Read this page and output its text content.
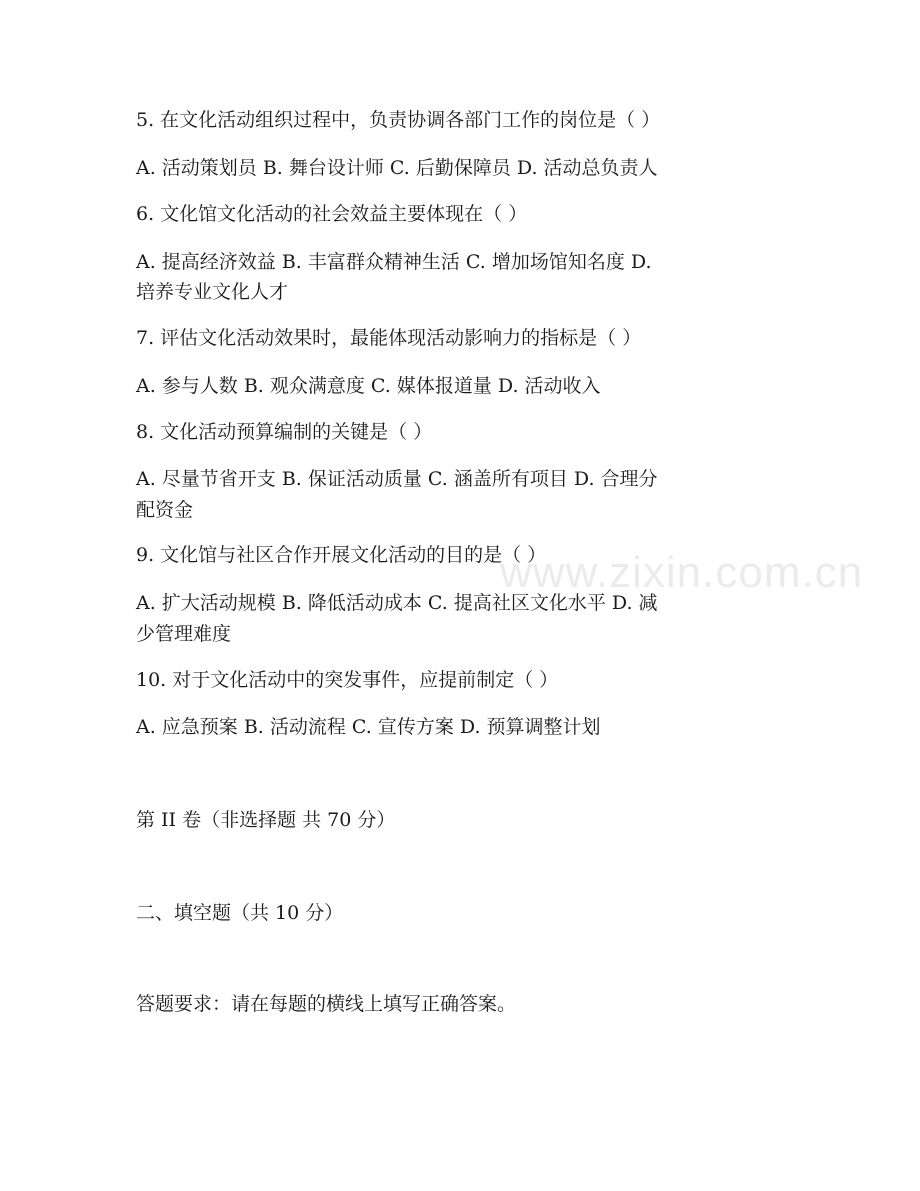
5. 在文化活动组织过程中，负责协调各部门工作的岗位是（ ）
A. 活动策划员 B. 舞台设计师 C. 后勤保障员 D. 活动总负责人
6. 文化馆文化活动的社会效益主要体现在（ ）
A. 提高经济效益 B. 丰富群众精神生活 C. 增加场馆知名度 D.
培养专业文化人才
7. 评估文化活动效果时，最能体现活动影响力的指标是（ ）
A. 参与人数 B. 观众满意度 C. 媒体报道量 D. 活动收入
8. 文化活动预算编制的关键是（ ）
A. 尽量节省开支 B. 保证活动质量 C. 涵盖所有项目 D. 合理分
配资金
9. 文化馆与社区合作开展文化活动的目的是（ ）
A. 扩大活动规模 B. 降低活动成本 C. 提高社区文化水平 D. 减
少管理难度
10. 对于文化活动中的突发事件，应提前制定（ ）
A. 应急预案 B. 活动流程 C. 宣传方案 D. 预算调整计划
第 II 卷（非选择题 共 70 分）
二、填空题（共 10 分）
答题要求：请在每题的横线上填写正确答案。
www.zixin.com.cn
